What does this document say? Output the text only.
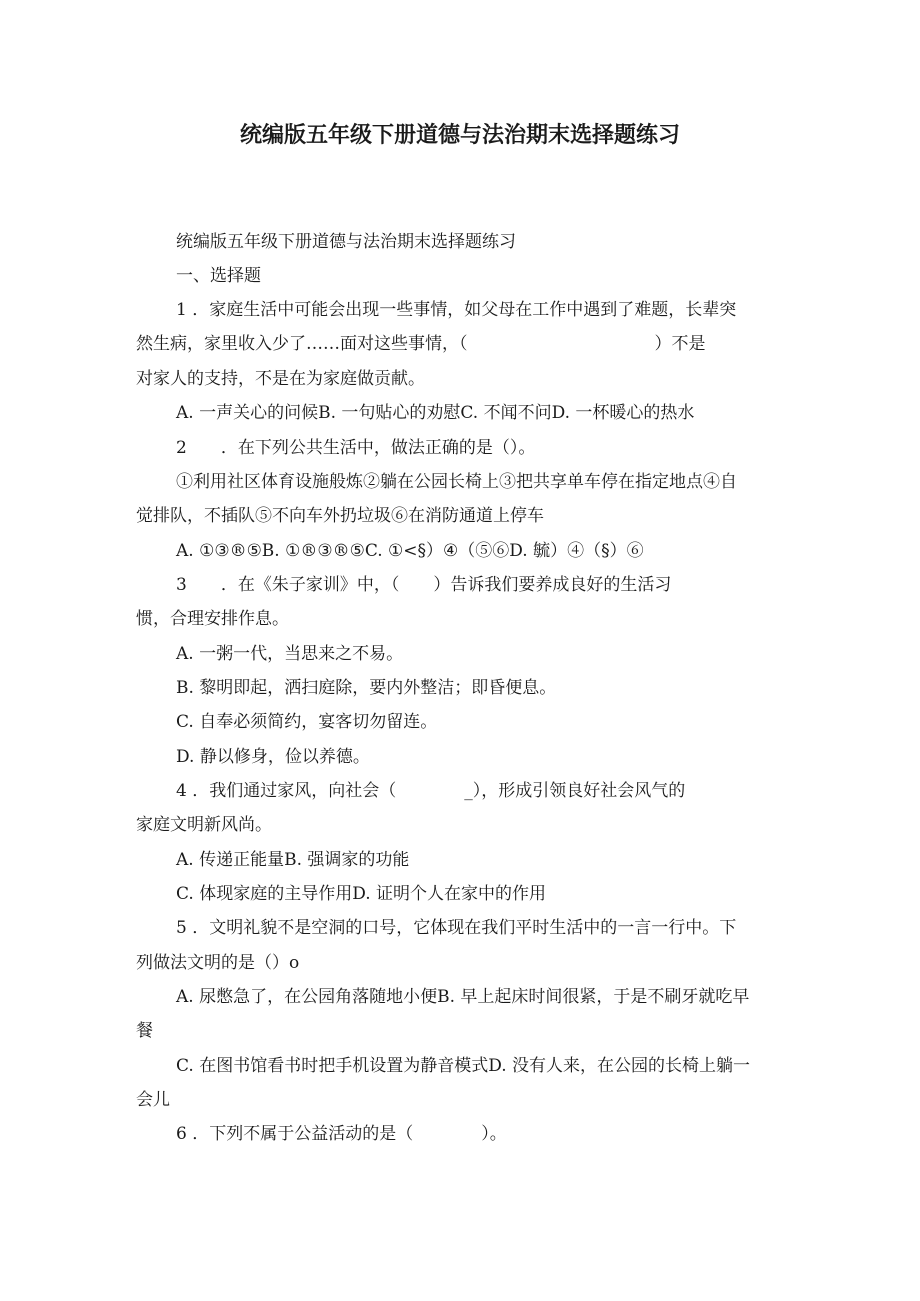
统编版五年级下册道德与法治期末选择题练习
统编版五年级下册道德与法治期末选择题练习
一、选择题
1 ．家庭生活中可能会出现一些事情，如父母在工作中遇到了难题，长辈突
然生病，家里收入少了……面对这些事情，（　　　　　　　　　　　）不是
对家人的支持，不是在为家庭做贡献。
A. 一声关心的问候B. 一句贴心的劝慰C. 不闻不问D. 一杯暖心的热水
2　　．在下列公共生活中，做法正确的是（）。
①利用社区体育设施般炼②躺在公园长椅上③把共享单车停在指定地点④自
觉排队，不插队⑤不向车外扔垃圾⑥在消防通道上停车
A. ①③®⑤B. ①®③®⑤C. ①<§）④（⑤⑥D. 毓）④（§）⑥
3　　．在《朱子家训》中，（　　）告诉我们要养成良好的生活习
惯，合理安排作息。
A. 一粥一代，当思来之不易。
B. 黎明即起，洒扫庭除，要内外整洁；即昏便息。
C. 自奉必须简约，宴客切勿留连。
D. 静以修身，俭以养德。
4 ．我们通过家风，向社会（　　　　_），形成引领良好社会风气的
家庭文明新风尚。
A. 传递正能量B. 强调家的功能
C. 体现家庭的主导作用D. 证明个人在家中的作用
5 ．文明礼貌不是空洞的口号，它体现在我们平时生活中的一言一行中。下
列做法文明的是（）o
A. 尿憋急了，在公园角落随地小便B. 早上起床时间很紧，于是不刷牙就吃早
餐
C. 在图书馆看书时把手机设置为静音模式D. 没有人来，在公园的长椅上躺一
会儿
6 ．下列不属于公益活动的是（　　　　）。
